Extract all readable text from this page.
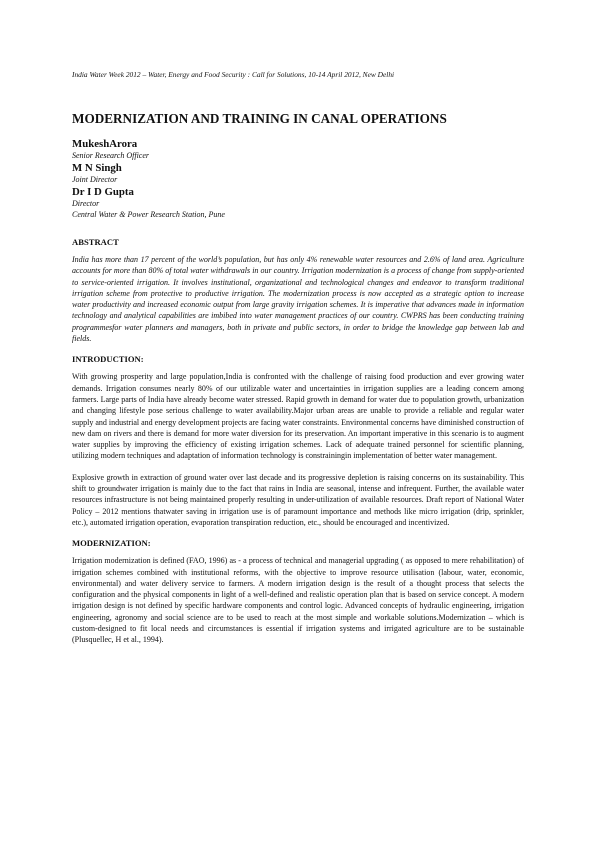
India Water Week 2012 – Water, Energy and Food Security : Call for Solutions, 10-14 April 2012, New Delhi

MODERNIZATION AND TRAINING IN CANAL OPERATIONS

MukeshArora

Senior Research Officer

M N Singh

Joint Director

Dr I D Gupta

Director

Central Water & Power Research Station, Pune

ABSTRACT

India has more than 17 percent of the world’s population, but has only 4% renewable water resources and 2.6% of land area. Agriculture accounts for more than 80% of total water withdrawals in our country. Irrigation modernization is a process of change from supply-oriented to service-oriented irrigation. It involves institutional, organizational and technological changes and endeavor to transform traditional irrigation scheme from protective to productive irrigation. The modernization process is now accepted as a strategic option to increase water productivity and increased economic output from large gravity irrigation schemes. It is imperative that advances made in information technology and analytical capabilities are imbibed into water management practices of our country. CWPRS has been conducting training programmesfor water planners and managers, both in private and public sectors, in order to bridge the knowledge gap between lab and fields.

INTRODUCTION:

With growing prosperity and large population,India is confronted with the challenge of raising food production and ever growing water demands. Irrigation consumes nearly 80% of our utilizable water and uncertainties in irrigation supplies are a leading concern among farmers. Large parts of India have already become water stressed. Rapid growth in demand for water due to population growth, urbanization and changing lifestyle pose serious challenge to water availability.Major urban areas are unable to provide a reliable and regular water supply and industrial and energy development projects are facing water constraints. Environmental concerns have diminished construction of new dam on rivers and there is demand for more water diversion for its preservation. An important imperative in this scenario is to augment water supplies by improving the efficiency of existing irrigation schemes. Lack of adequate trained personnel for scientific planning, utilizing modern techniques and adaptation of information technology is constrainingin implementation of better water management.

Explosive growth in extraction of ground water over last decade and its progressive depletion is raising concerns on its sustainability. This shift to groundwater irrigation is mainly due to the fact that rains in India are seasonal, intense and infrequent. Further, the available water resources infrastructure is not being maintained properly resulting in under-utilization of available resources. Draft report of National Water Policy – 2012 mentions thatwater saving in irrigation use is of paramount importance and methods like micro irrigation (drip, sprinkler, etc.), automated irrigation operation, evaporation transpiration reduction, etc., should be encouraged and incentivized.

MODERNIZATION:

Irrigation modernization is defined (FAO, 1996) as - a process of technical and managerial upgrading ( as opposed to mere rehabilitation) of irrigation schemes combined with institutional reforms, with the objective to improve resource utilisation (labour, water, economic, environmental) and water delivery service to farmers. A modern irrigation design is the result of a thought process that selects the configuration and the physical components in light of a well-defined and realistic operation plan that is based on service concept. A modern irrigation design is not defined by specific hardware components and control logic. Advanced concepts of hydraulic engineering, irrigation engineering, agronomy and social science are to be used to reach at the most simple and workable solutions.Modernization – which is custom-designed to fit local needs and circumstances is essential if irrigation systems and irrigated agriculture are to be sustainable (Plusquellec, H et al., 1994).
